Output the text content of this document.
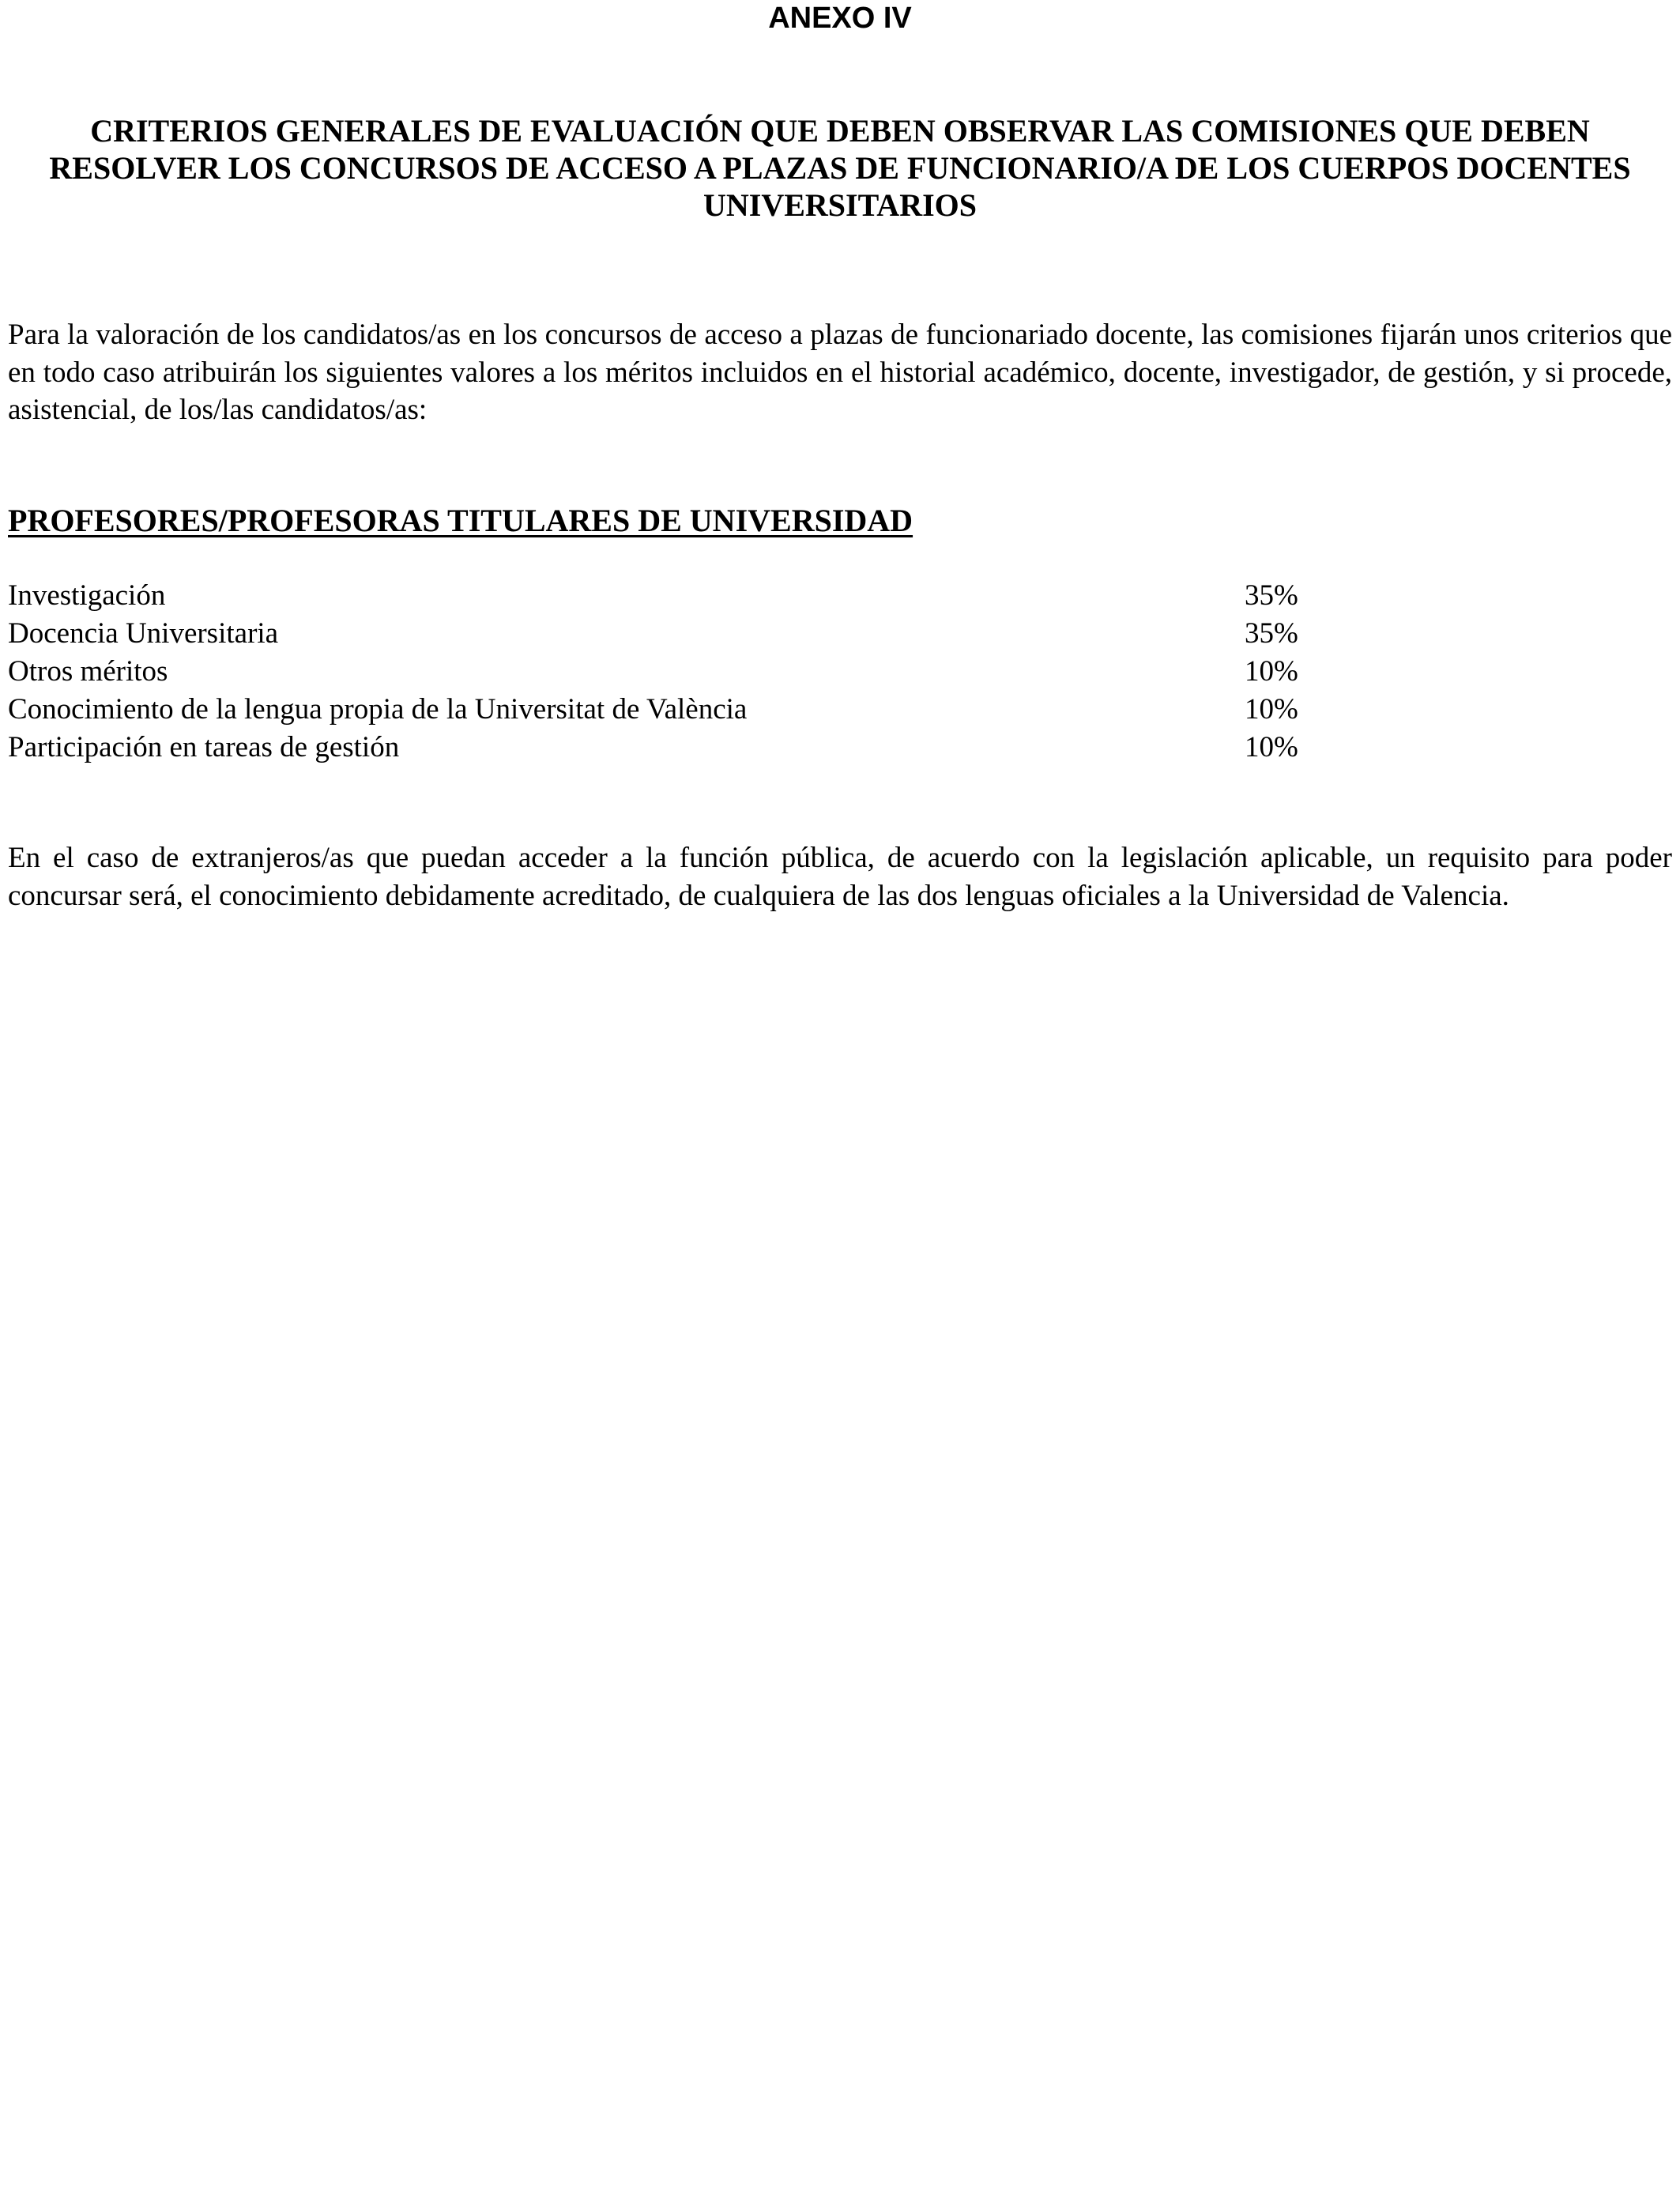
ANEXO IV
CRITERIOS GENERALES DE EVALUACIÓN QUE DEBEN OBSERVAR LAS COMISIONES QUE DEBEN RESOLVER LOS CONCURSOS DE ACCESO A PLAZAS DE FUNCIONARIO/A DE LOS CUERPOS DOCENTES UNIVERSITARIOS

Para la valoración de los candidatos/as en los concursos de acceso a plazas de funcionariado docente, las comisiones fijarán unos criterios que en todo caso atribuirán los siguientes valores a los méritos incluidos en el historial académico, docente, investigador, de gestión, y si procede, asistencial, de los/las candidatos/as:

PROFESORES/PROFESORAS TITULARES DE UNIVERSIDAD
Investigación	35%
Docencia Universitaria	35%
Otros méritos	10%
Conocimiento de la lengua propia de la Universitat de València	10%
Participación en tareas de gestión	10%

En el caso de extranjeros/as que puedan acceder a la función pública, de acuerdo con la legislación aplicable, un requisito para poder concursar será, el conocimiento debidamente acreditado, de cualquiera de las dos lenguas oficiales a la Universidad de Valencia.
